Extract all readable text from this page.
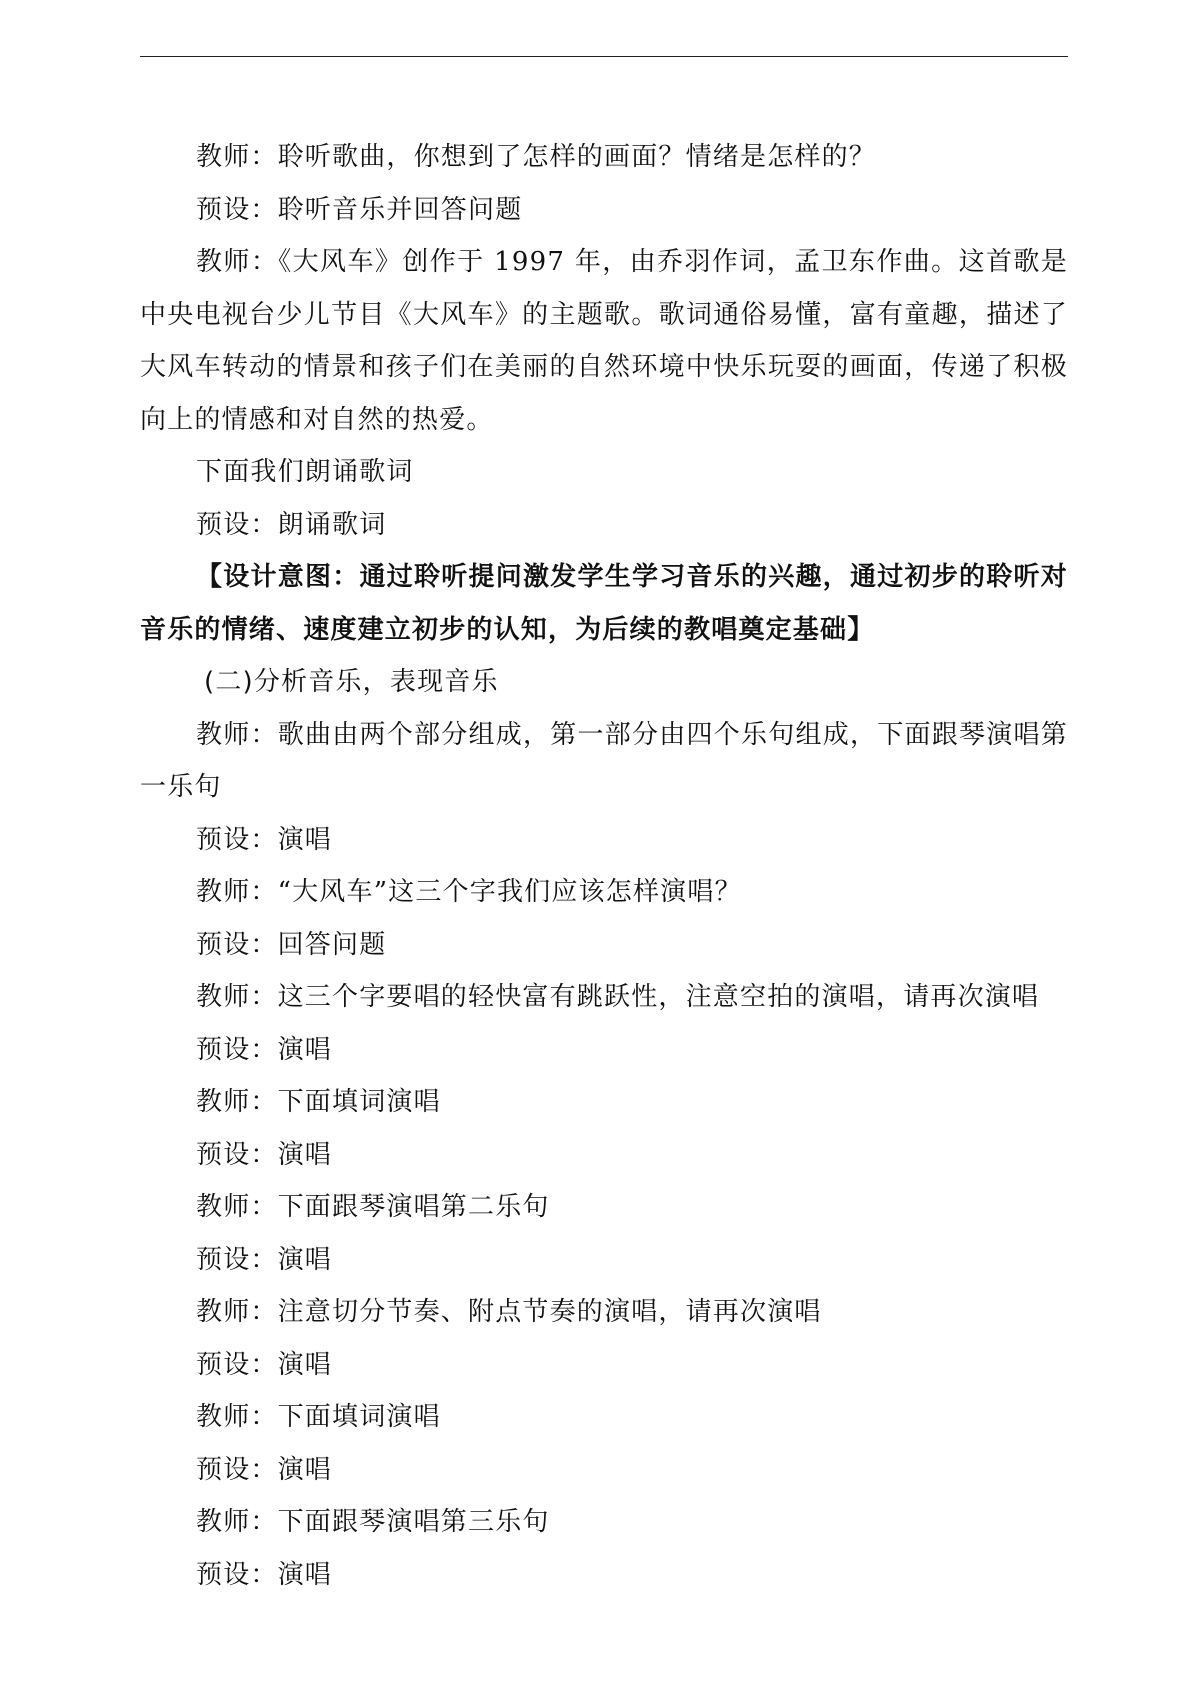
教师：聆听歌曲，你想到了怎样的画面？情绪是怎样的？

预设：聆听音乐并回答问题

教师：《大风车》创作于 1997 年，由乔羽作词，孟卫东作曲。这首歌是中央电视台少儿节目《大风车》的主题歌。歌词通俗易懂，富有童趣，描述了大风车转动的情景和孩子们在美丽的自然环境中快乐玩耍的画面，传递了积极向上的情感和对自然的热爱。

下面我们朗诵歌词

预设：朗诵歌词

【设计意图：通过聆听提问激发学生学习音乐的兴趣，通过初步的聆听对音乐的情绪、速度建立初步的认知，为后续的教唱奠定基础】

(二)分析音乐，表现音乐

教师：歌曲由两个部分组成，第一部分由四个乐句组成，下面跟琴演唱第一乐句

预设：演唱

教师：“大风车”这三个字我们应该怎样演唱？

预设：回答问题

教师：这三个字要唱的轻快富有跳跃性，注意空拍的演唱，请再次演唱

预设：演唱

教师：下面填词演唱

预设：演唱

教师：下面跟琴演唱第二乐句

预设：演唱

教师：注意切分节奏、附点节奏的演唱，请再次演唱

预设：演唱

教师：下面填词演唱

预设：演唱

教师：下面跟琴演唱第三乐句

预设：演唱
